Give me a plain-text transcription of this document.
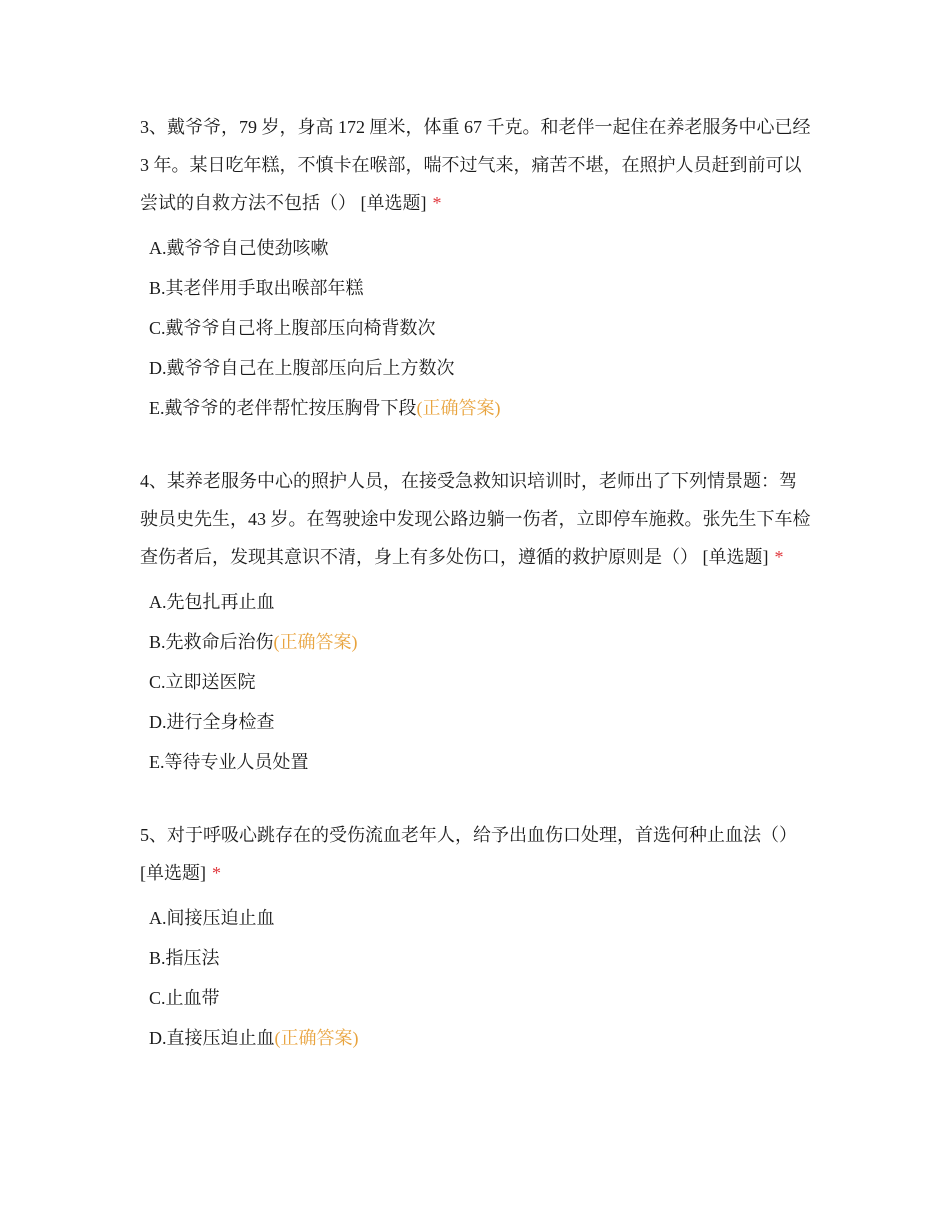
3、戴爷爷，79 岁，身高 172 厘米，体重 67 千克。和老伴一起住在养老服务中心已经 3 年。某日吃年糕，不慎卡在喉部，喘不过气来，痛苦不堪，在照护人员赶到前可以尝试的自救方法不包括（） [单选题] *

A.戴爷爷自己使劲咳嗽
B.其老伴用手取出喉部年糕
C.戴爷爷自己将上腹部压向椅背数次
D.戴爷爷自己在上腹部压向后上方数次
E.戴爷爷的老伴帮忙按压胸骨下段(正确答案)

4、某养老服务中心的照护人员，在接受急救知识培训时，老师出了下列情景题：驾驶员史先生，43 岁。在驾驶途中发现公路边躺一伤者，立即停车施救。张先生下车检查伤者后，发现其意识不清，身上有多处伤口，遵循的救护原则是（） [单选题] *

A.先包扎再止血
B.先救命后治伤(正确答案)
C.立即送医院
D.进行全身检查
E.等待专业人员处置

5、对于呼吸心跳存在的受伤流血老年人，给予出血伤口处理，首选何种止血法（） [单选题] *

A.间接压迫止血
B.指压法
C.止血带
D.直接压迫止血(正确答案)
